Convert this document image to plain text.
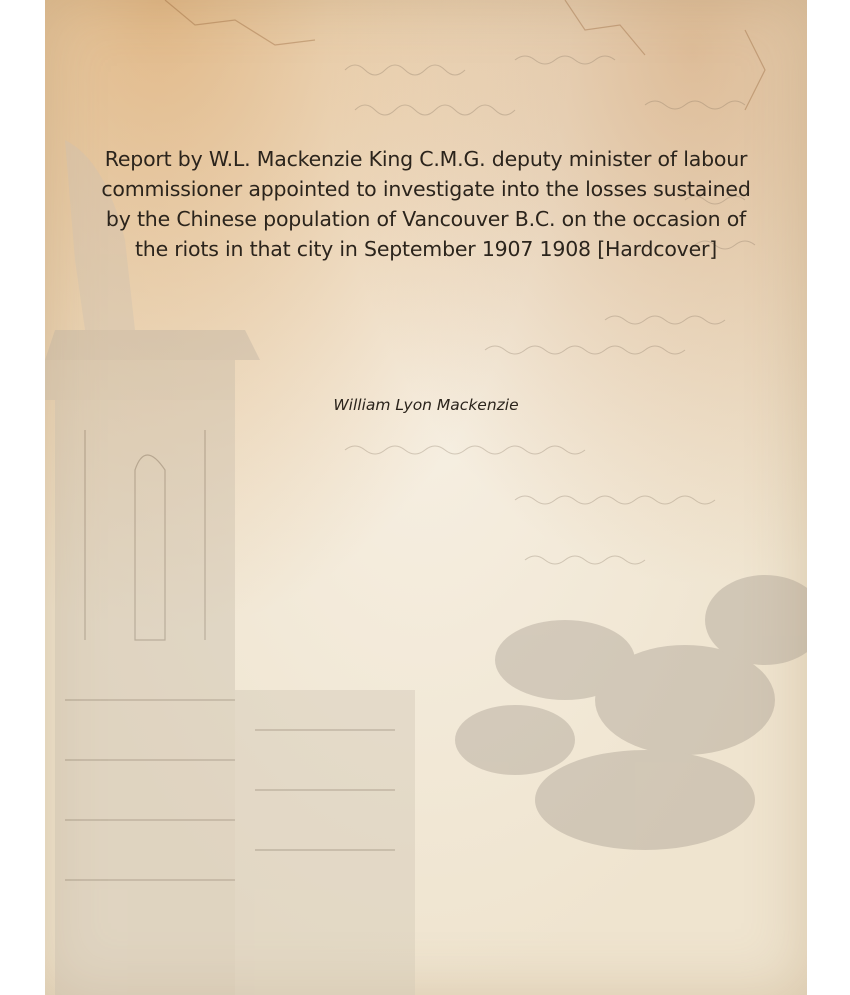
Report by W.L. Mackenzie King C.M.G. deputy minister of labour commissioner appointed to investigate into the losses sustained by the Chinese population of Vancouver B.C. on the occasion of the riots in that city in September 1907 1908 [Hardcover]

William Lyon Mackenzie
